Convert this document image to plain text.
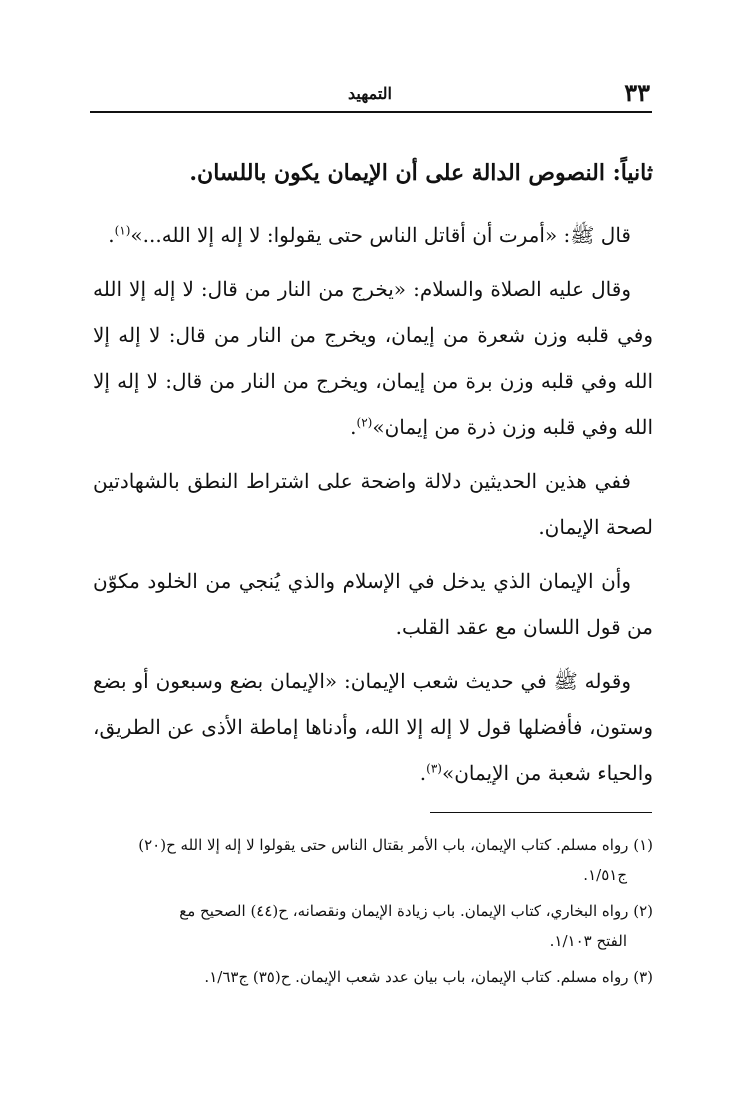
٣٣
التمهيد
ثانياً: النصوص الدالة على أن الإيمان يكون باللسان.

قال ﷺ: «أمرت أن أقاتل الناس حتى يقولوا: لا إله إلا الله...»$^{(١)}$.

وقال عليه الصلاة والسلام: «يخرج من النار من قال: لا إله إلا الله وفي قلبه وزن شعرة من إيمان، ويخرج من النار من قال: لا إله إلا الله وفي قلبه وزن برة من إيمان، ويخرج من النار من قال: لا إله إلا الله وفي قلبه وزن ذرة من إيمان»$^{(٢)}$.

ففي هذين الحديثين دلالة واضحة على اشتراط النطق بالشهادتين لصحة الإيمان.

وأن الإيمان الذي يدخل في الإسلام والذي يُنجي من الخلود مكوّن من قول اللسان مع عقد القلب.

وقوله ﷺ في حديث شعب الإيمان: «الإيمان بضع وسبعون أو بضع وستون، فأفضلها قول لا إله إلا الله، وأدناها إماطة الأذى عن الطريق، والحياء شعبة من الإيمان»$^{(٣)}$.

(١) رواه مسلم. كتاب الإيمان، باب الأمر بقتال الناس حتى يقولوا لا إله إلا الله ح(٢٠)
ج١/٥١.
(٢) رواه البخاري، كتاب الإيمان. باب زيادة الإيمان ونقصانه، ح(٤٤) الصحيح مع
الفتح ١/١٠٣.
(٣) رواه مسلم. كتاب الإيمان، باب بيان عدد شعب الإيمان. ح(٣٥) ج١/٦٣.
